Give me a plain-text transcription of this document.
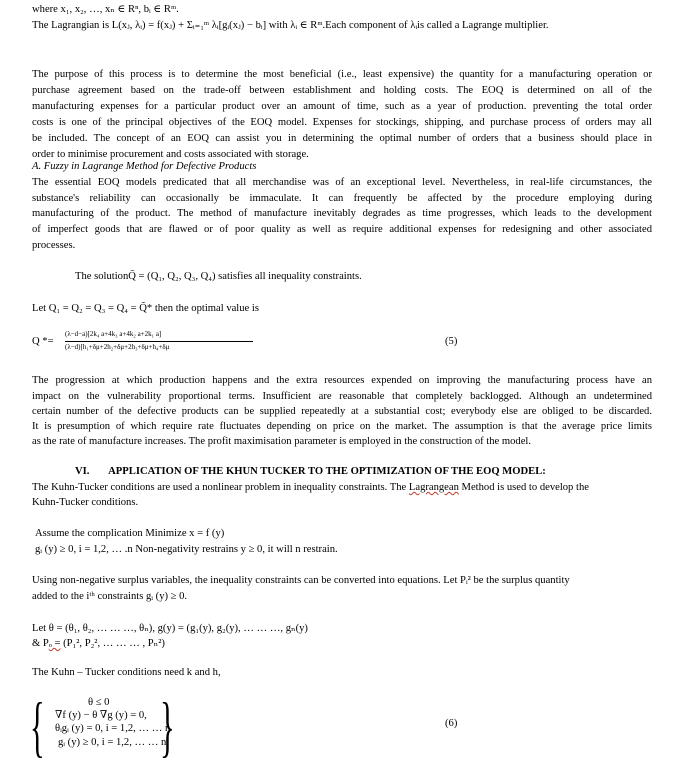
where x₁, x₂, …, xₙ ∈ Rⁿ, bᵢ ∈ Rᵐ.
The Lagrangian is L(xⱼ, λᵢ) = f(xⱼ) + Σᵢ₌₁ᵐ λᵢ[gᵢ(xⱼ) − bᵢ] with λᵢ ∈ Rᵐ.Each component of λᵢis called a Lagrange multiplier.
The purpose of this process is to determine the most beneficial (i.e., least expensive) the quantity for a manufacturing operation or
purchase agreement based on the trade-off between establishment and holding costs. The EOQ is determined on all of the
manufacturing expenses for a particular product over an amount of time, such as a year of production. preventing the total order
costs is one of the principal objectives of the EOQ model. Expenses for stockings, shipping, and purchase process of orders may all
be included. The concept of an EOQ can assist you in determining the optimal number of orders that a business should place in
order to minimise procurement and costs associated with storage.
A. Fuzzy in Lagrange Method for Defective Products
The essential EOQ models predicated that all merchandise was of an exceptional level. Nevertheless, in real-life circumstances, the
substance's reliability can occasionally be immaculate. It can frequently be affected by the procedure employing during
manufacturing of the product. The method of manufacture inevitably degrades as time progresses, which leads to the development
of imperfect goods that are flawed or of poor quality as well as require additional expenses for redesigning and other associated
processes.
The solutionQ̃ = (Q₁, Q₂, Q₃, Q₄) satisfies all inequality constraints.
Let Q₁ = Q₂ = Q₃ = Q₄ = Q̃* then the optimal value is
Q *=
(λ−d−a)[2k₄ a+4k₃ a+4k₂ a+2k₁ a]
(λ−d)[h₁+δμ+2h₂+δμ+2h₃+δμ+h₄+δμ	(5)
The progression at which production happens and the extra resources expended on improving the manufacturing process have an
impact on the vulnerability proportional terms. Insufficient are reasonable that completely backlogged. Although an undetermined
certain number of the defective products can be supplied repeatedly at a substantial cost; everybody else are obliged to be discarded.
It is presumption of which require rate fluctuates depending on price on the market. The assumption is that the average price limits
as the rate of manufacture increases. The profit maximisation parameter is employed in the construction of the model.
VI. APPLICATION OF THE KHUN TUCKER TO THE OPTIMIZATION OF THE EOQ MODEL:
The Kuhn-Tucker conditions are used a nonlinear problem in inequality constraints. The Lagrangean Method is used to develop the
Kuhn-Tucker conditions.
Assume the complication Minimize x = f (y)
gᵢ (y) ≥ 0, i = 1,2, … .n Non-negativity restrains y ≥ 0, it will n restrain.
Using non-negative surplus variables, the inequality constraints can be converted into equations. Let Pᵢ² be the surplus quantity
added to the iᵗʰ constraints gᵢ (y) ≥ 0.
Let θ = (θ₁, θ₂, … … …, θₙ), g(y) = (g₁(y), g₂(y), … … …, gₙ(y)
& Pₒ = (P₁², P₂², … … … , Pₙ²)
The Kuhn – Tucker conditions need k and h,
{	θ ≤ 0
∇f (y) − θ ∇g (y) = 0,
θᵢgᵢ (y) = 0, i = 1,2, … … n
gᵢ (y) ≥ 0, i = 1,2, … … n
}	(6)
